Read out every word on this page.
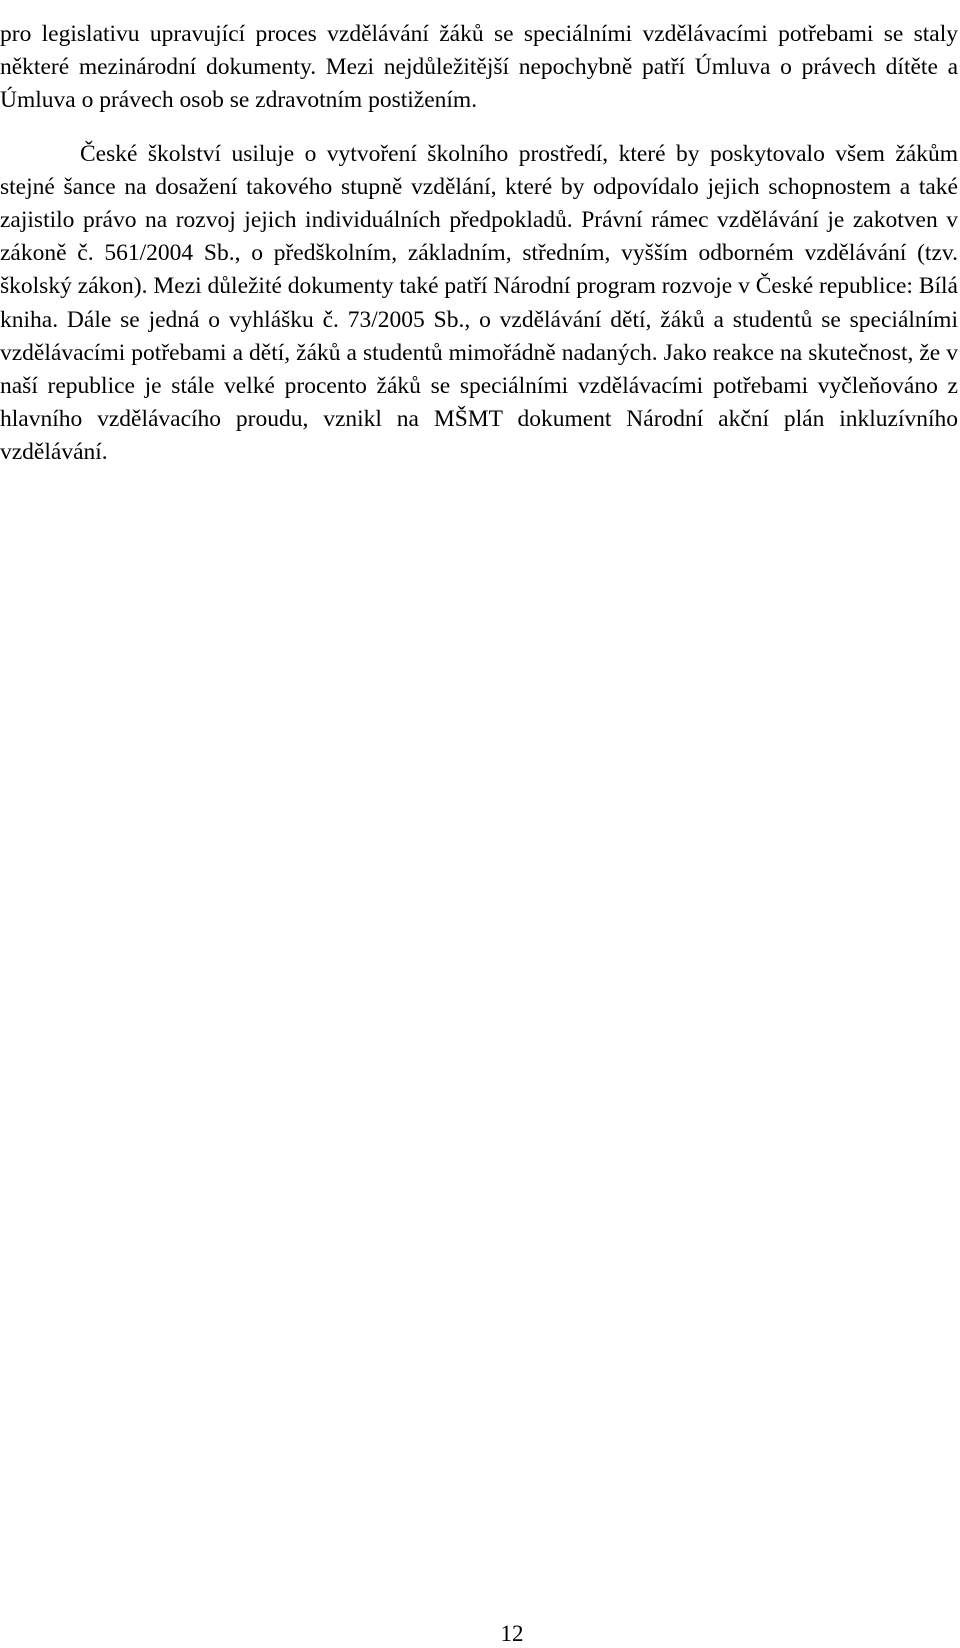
pro legislativu upravující proces vzdělávání žáků se speciálními vzdělávacími potřebami se staly některé mezinárodní dokumenty. Mezi nejdůležitější nepochybně patří Úmluva o právech dítěte a Úmluva o právech osob se zdravotním postižením.

České školství usiluje o vytvoření školního prostředí, které by poskytovalo všem žákům stejné šance na dosažení takového stupně vzdělání, které by odpovídalo jejich schopnostem a také zajistilo právo na rozvoj jejich individuálních předpokladů. Právní rámec vzdělávání je zakotven v zákoně č. 561/2004 Sb., o předškolním, základním, středním, vyšším odborném vzdělávání (tzv. školský zákon). Mezi důležité dokumenty také patří Národní program rozvoje v České republice: Bílá kniha. Dále se jedná o vyhlášku č. 73/2005 Sb., o vzdělávání dětí, žáků a studentů se speciálními vzdělávacími potřebami a dětí, žáků a studentů mimořádně nadaných. Jako reakce na skutečnost, že v naší republice je stále velké procento žáků se speciálními vzdělávacími potřebami vyčleňováno z hlavního vzdělávacího proudu, vznikl na MŠMT dokument Národní akční plán inkluzívního vzdělávání.

12
